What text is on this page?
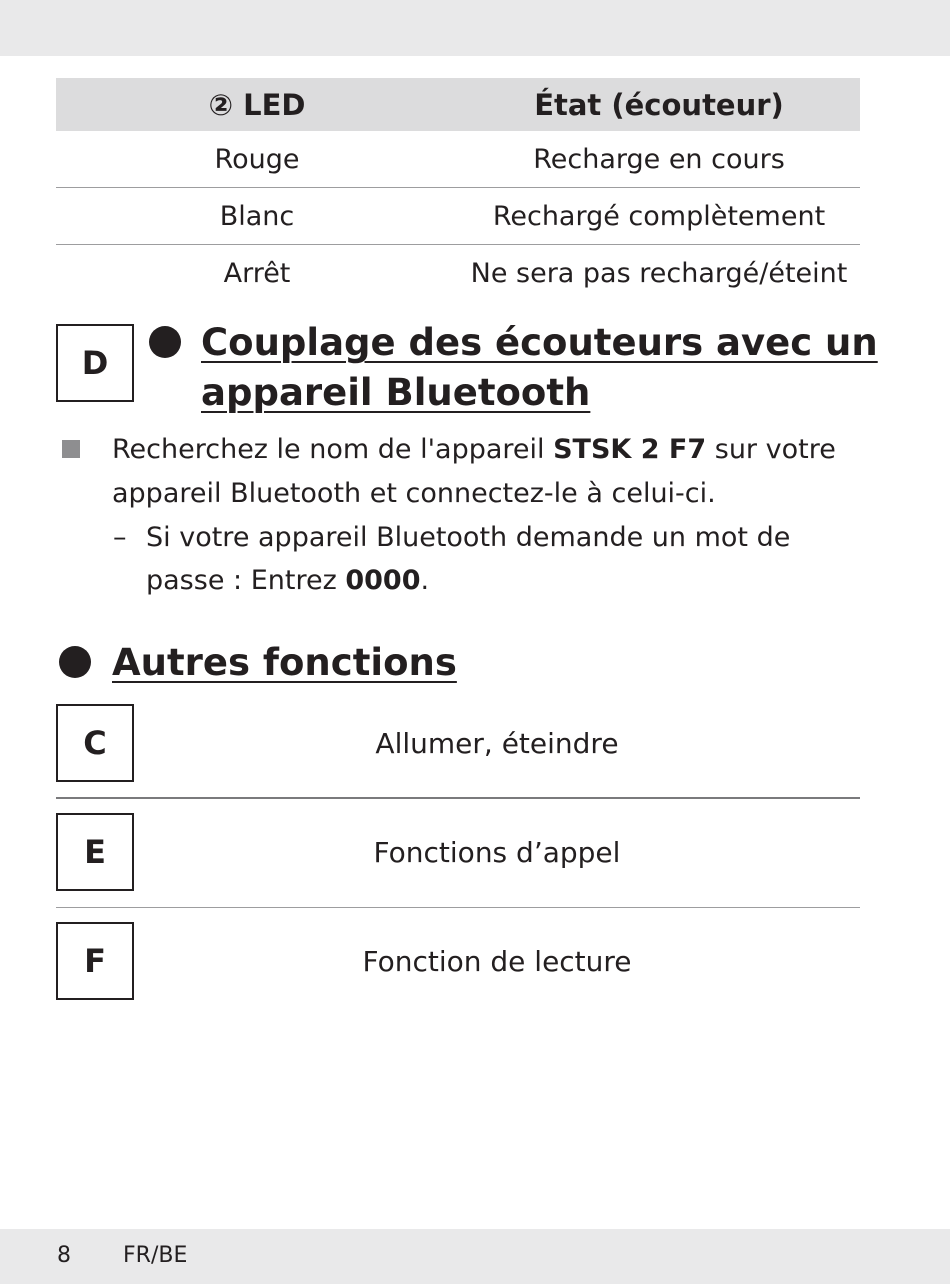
② LED	État (écouteur)
Rouge	Recharge en cours
Blanc	Rechargé complètement
Arrêt	Ne sera pas rechargé/éteint
D	Couplage des écouteurs avec un
appareil Bluetooth
Recherchez le nom de l'appareil STSK 2 F7 sur votre
appareil Bluetooth et connectez-le à celui-ci.
– Si votre appareil Bluetooth demande un mot de
passe : Entrez 0000.
Autres fonctions
C	Allumer, éteindre
E	Fonctions d’appel
F	Fonction de lecture
8 FR/BE
